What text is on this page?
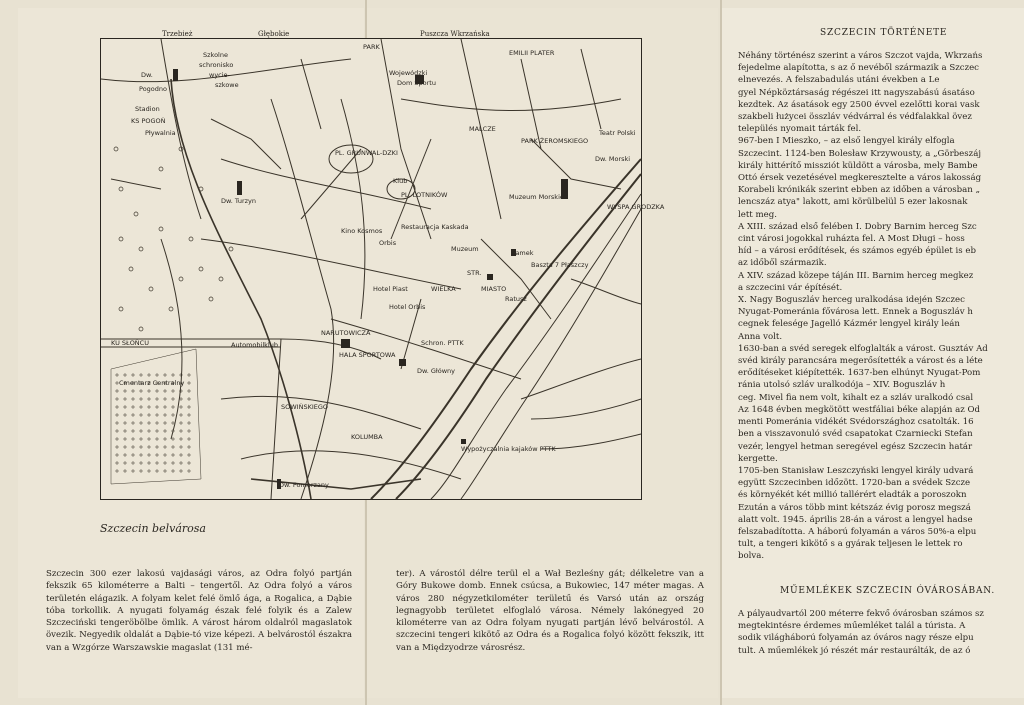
Trzebież	Głębokie	Puszcza Wkrzańska
Pogodno
Dw.
Stadion
KS POGOŃ
Pływalnia
Szkolne
schronisko
wycie-
szkowe
PARK
EMILII PLATER
Wojewódzki
Dom Sportu
MALCZE	Teatr Polski
PARK ŻEROMSKIEGO
Dw. Morski
PL. GRUNWAL-DZKI
Klub
PL. LOTNIKÓW
Dw. Turzyn
Kino Kosmos	Restauracja Kaskada
Orbis
Muzeum
Muzeum Morskie
Zamek
Baszta 7 Płaszczy
STR.
MIASTO
Hotel Piast
Hotel Orbis
Ratusz
Schron. PTTK
Automobilklub
HALA SPORTOWA
Dw. Główny
Cmentarz Centralny
Dw. Pomorzany
Wypożyczalnia kajaków PTTK
WYSPA GRODZKA
WIELKA
KU SŁOŃCU
NARUTOWICZA
SOWIŃSKIEGO
KOLUMBA
Szczecin belvárosa
Szczecin 300 ezer lakosú vajdasági város, az Odra folyó partján fekszik 65 kilométerre a Balti – tengertől. Az Odra folyó a város területén elágazik. A folyam kelet felé ömlő ága, a Rogalica, a Dąbie tóba torkollik. A nyugati folyamág észak felé folyik és a Zalew Szczeciński tengeröbölbe ömlik. A várost három oldalról magaslatok övezik. Negyedik oldalát a Dąbie-tó vize képezi. A belvárostól északra van a Wzgórze Warszawskie magaslat (131 mé-
ter). A várostól délre terül el a Wał Bezleśny gát; délkeletre van a Góry Bukowe domb. Ennek csúcsa, a Bukowiec, 147 méter magas. A város 280 négyzetkilométer területű és Varsó után az ország legnagyobb területet elfoglaló városa. Némely lakónegyed 20 kilométerre van az Odra folyam nyugati partján lévő belvárostól. A szczecini tengeri kikötő az Odra és a Rogalica folyó között fekszik, itt van a Międzyodrze városrész.
SZCZECIN TÖRTÉNETE

Néhány történész szerint a város Szczot vajda, Wkrzańs

fejedelme alapította, s az ő nevéből származik a Szczec

elnevezés. A felszabadulás utáni években a Le

gyel Népköztársaság régészei itt nagyszabású ásatáso

kezdtek. Az ásatások egy 2500 évvel ezelőtti korai vask

szakbeli łużycei összláv védvárral és védfalakkal övez

település nyomait tárták fel.

967-ben I Mieszko, – az első lengyel király elfogla

Szczecint. 1124-ben Bolesław Krzywousty, a „Görbeszáj

király hittérítő missziót küldött a városba, mely Bambe

Ottó érsek vezetésével megkeresztelte a város lakosság

Korabeli krónikák szerint ebben az időben a városban „

lencszáz atya" lakott, ami körülbelül 5 ezer lakosnak

lett meg.

A XIII. század első felében I. Dobry Barnim herceg Szc

cint városi jogokkal ruházta fel. A Most Długi – hoss

híd – a városi erődítések, és számos egyéb épület is eb

az időből származik.

A XIV. század közepe táján III. Barnim herceg megkez

a szczecini vár építését.

X. Nagy Boguszláv herceg uralkodása idején Szczec

Nyugat-Pomeránia fővárosa lett. Ennek a Boguszláv h

cegnek felesége Jagelló Kázmér lengyel király leán

Anna volt.

1630-ban a svéd seregek elfoglalták a várost. Gusztáv Ad

svéd király parancsára megerősítették a várost és a léte

erődítéseket kiépítették. 1637-ben elhúnyt Nyugat-Pom

ránia utolsó szláv uralkodója – XIV. Boguszláv h

ceg. Mivel fia nem volt, kihalt ez a szláv uralkodó csal

Az 1648 évben megkötött westfáliai béke alapján az Od

menti Pomerániа vidékét Svédországhoz csatolták. 16

ben a visszavonuló svéd csapatokat Czarniecki Stefan

vezér, lengyel hetman seregével egész Szczecin határ

kergette.

1705-ben Stanisław Leszczyński lengyel király udvará

együtt Szczecinben időzött. 1720-ban a svédek Szcze

és környékét két millió tallérért eladták a poroszokn

Ezután a város több mint kétszáz évig porosz megszá

alatt volt. 1945. április 28-án a várost a lengyel hadse

felszabadította. A háború folyamán a város 50%-a elpu

tult, a tengeri kikötő s a gyárak teljesen le lettek ro

bolva.

MŰEMLÉKEK SZCZECIN ÓVÁROSÁBAN.

A pályaudvartól 200 méterre fekvő óvárosban számos sz

megtekintésre érdemes műemléket talál a túrista. A

sodik világháború folyamán az óváros nagy része elpu

tult. A műemlékek jó részét már restaurálták, de az ó
